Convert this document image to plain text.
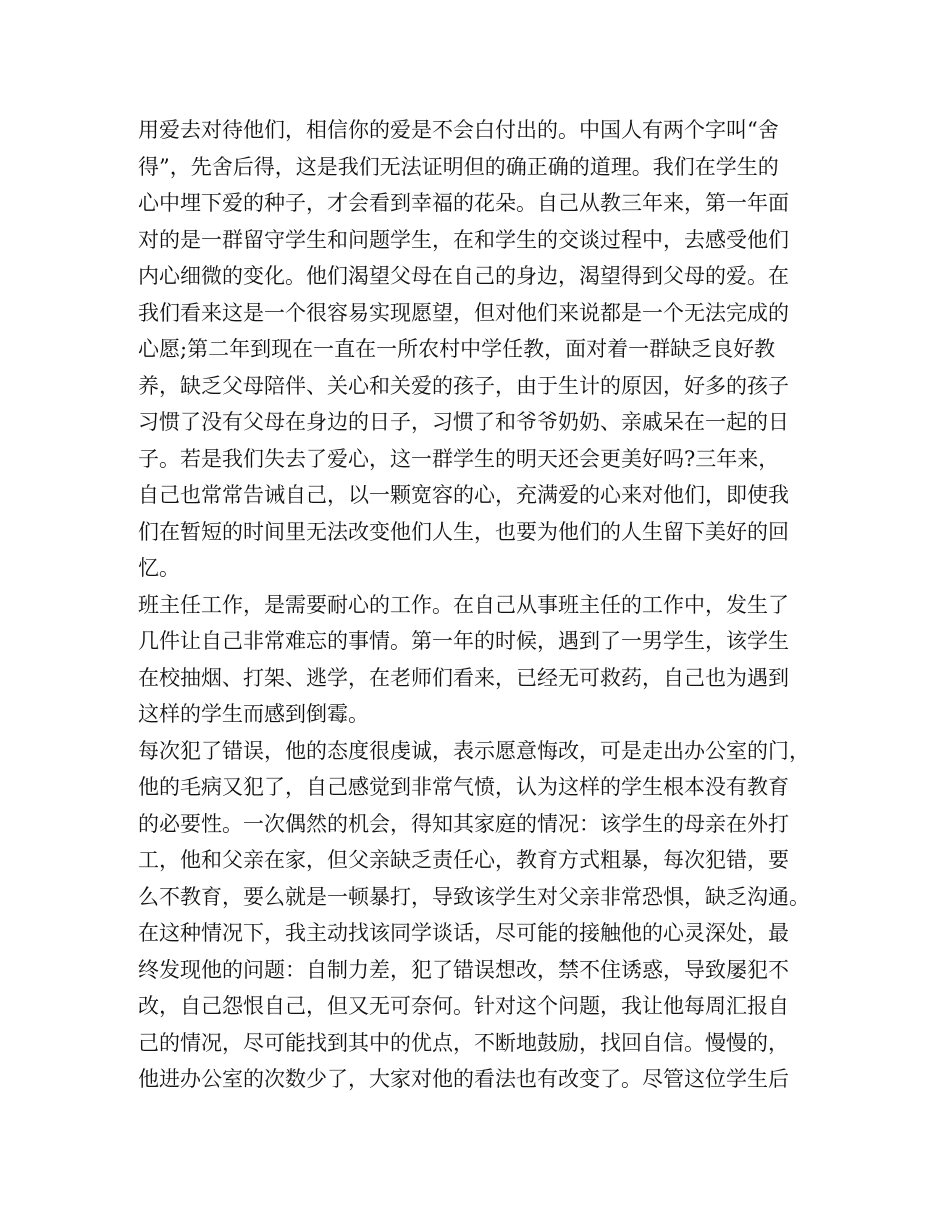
用爱去对待他们，相信你的爱是不会白付出的。中国人有两个字叫“舍
得”，先舍后得，这是我们无法证明但的确正确的道理。我们在学生的
心中埋下爱的种子，才会看到幸福的花朵。自己从教三年来，第一年面
对的是一群留守学生和问题学生，在和学生的交谈过程中，去感受他们
内心细微的变化。他们渴望父母在自己的身边，渴望得到父母的爱。在
我们看来这是一个很容易实现愿望，但对他们来说都是一个无法完成的
心愿;第二年到现在一直在一所农村中学任教，面对着一群缺乏良好教
养，缺乏父母陪伴、关心和关爱的孩子，由于生计的原因，好多的孩子
习惯了没有父母在身边的日子，习惯了和爷爷奶奶、亲戚呆在一起的日
子。若是我们失去了爱心，这一群学生的明天还会更美好吗?三年来，
自己也常常告诫自己，以一颗宽容的心，充满爱的心来对他们，即使我
们在暂短的时间里无法改变他们人生，也要为他们的人生留下美好的回
忆。
班主任工作，是需要耐心的工作。在自己从事班主任的工作中，发生了
几件让自己非常难忘的事情。第一年的时候，遇到了一男学生，该学生
在校抽烟、打架、逃学，在老师们看来，已经无可救药，自己也为遇到
这样的学生而感到倒霉。
每次犯了错误，他的态度很虔诚，表示愿意悔改，可是走出办公室的门，
他的毛病又犯了，自己感觉到非常气愤，认为这样的学生根本没有教育
的必要性。一次偶然的机会，得知其家庭的情况：该学生的母亲在外打
工，他和父亲在家，但父亲缺乏责任心，教育方式粗暴，每次犯错，要
么不教育，要么就是一顿暴打，导致该学生对父亲非常恐惧，缺乏沟通。
在这种情况下，我主动找该同学谈话，尽可能的接触他的心灵深处，最
终发现他的问题：自制力差，犯了错误想改，禁不住诱惑，导致屡犯不
改，自己怨恨自己，但又无可奈何。针对这个问题，我让他每周汇报自
己的情况，尽可能找到其中的优点，不断地鼓励，找回自信。慢慢的，
他进办公室的次数少了，大家对他的看法也有改变了。尽管这位学生后
